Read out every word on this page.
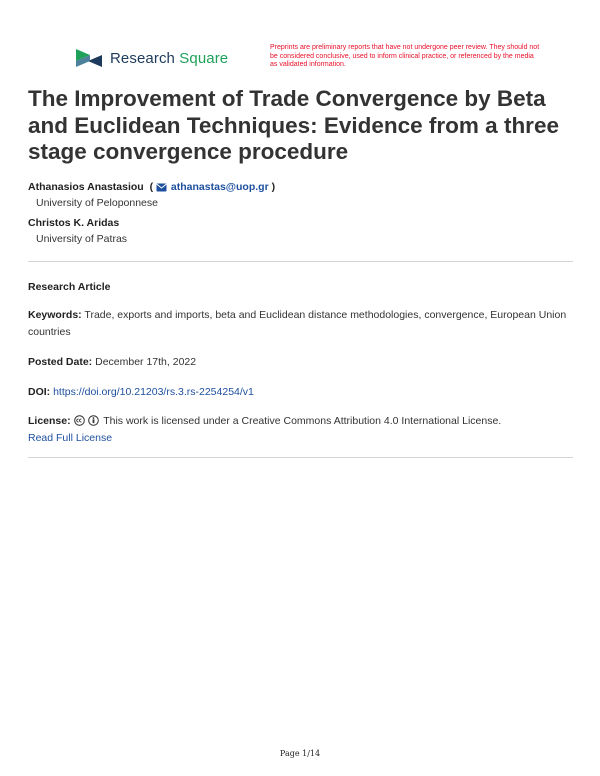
Research Square
Preprints are preliminary reports that have not undergone peer review. They should not be considered conclusive, used to inform clinical practice, or referenced by the media as validated information.
The Improvement of Trade Convergence by Beta and Euclidean Techniques: Evidence from a three stage convergence procedure
Athanasios Anastasiou  ( athanastas@uop.gr )
University of Peloponnese
Christos K. Aridas
University of Patras
Research Article
Keywords: Trade, exports and imports, beta and Euclidean distance methodologies, convergence, European Union countries
Posted Date: December 17th, 2022
DOI: https://doi.org/10.21203/rs.3.rs-2254254/v1
License:	This work is licensed under a Creative Commons Attribution 4.0 International License.
Read Full License
Page 1/14
